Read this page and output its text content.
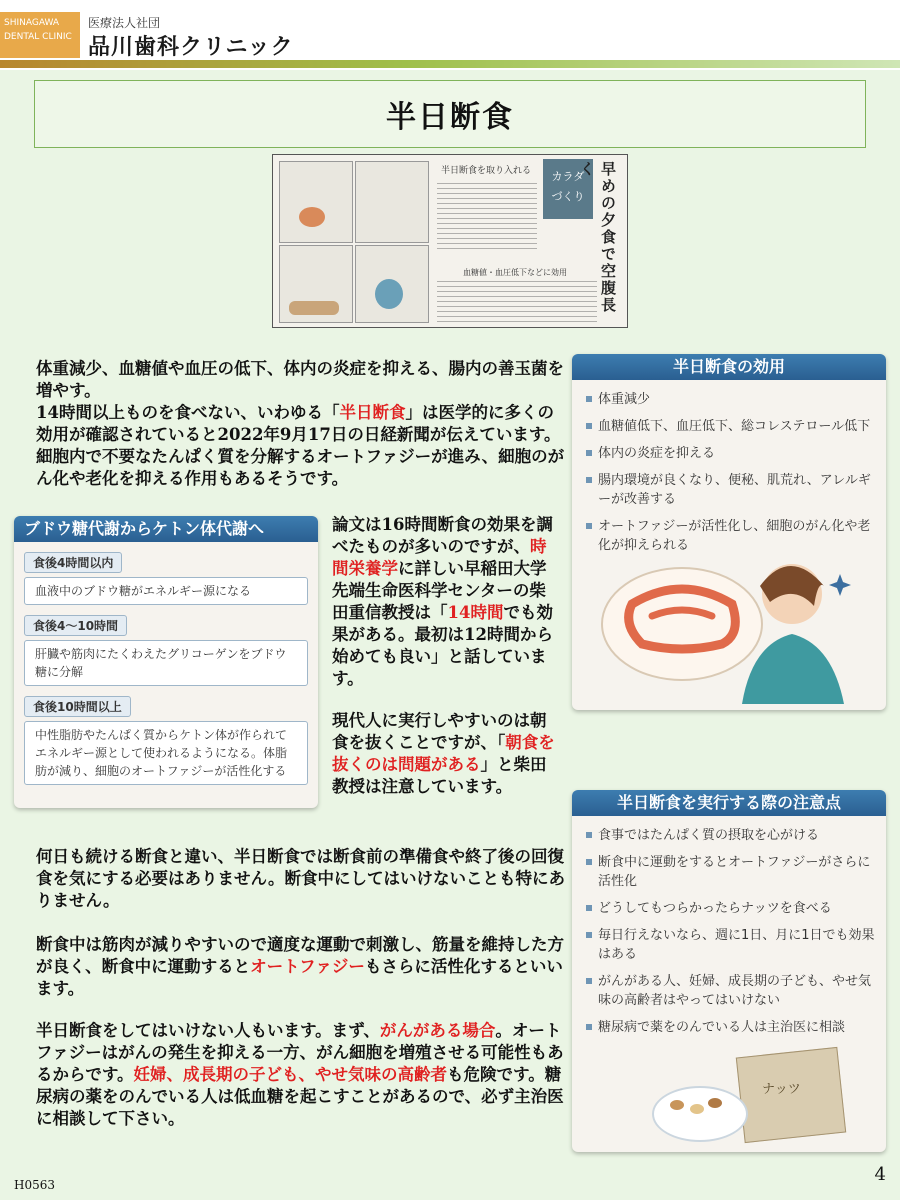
SHINAGAWA
DENTAL CLINIC
医療法人社団
品川歯科クリニック
半日断食
半日断食を取り入れる
血糖値・血圧低下などに効用
カラダ
づくり 早めの夕食で空腹長く
体重減少、血糖値や血圧の低下、体内の炎症を抑える、腸内の善玉菌を増やす。
14時間以上ものを食べない、いわゆる「半日断食」は医学的に多くの効用が確認されていると2022年9月17日の日経新聞が伝えています。細胞内で不要なたんぱく質を分解するオートファジーが進み、細胞のがん化や老化を抑える作用もあるそうです。
ブドウ糖代謝からケトン体代謝へ
食後4時間以内
血液中のブドウ糖がエネルギー源になる
食後4～10時間
肝臓や筋肉にたくわえたグリコーゲンをブドウ糖に分解
食後10時間以上
中性脂肪やたんぱく質からケトン体が作られてエネルギー源として使われるようになる。体脂肪が減り、細胞のオートファジーが活性化する
論文は16時間断食の効果を調べたものが多いのですが、時間栄養学に詳しい早稲田大学先端生命医科学センターの柴田重信教授は「14時間でも効果がある。最初は12時間から始めても良い」と話しています。
現代人に実行しやすいのは朝食を抜くことですが、「朝食を抜くのは問題がある」と柴田教授は注意しています。
半日断食の効用
体重減少
血糖値低下、血圧低下、総コレステロール低下
体内の炎症を抑える
腸内環境が良くなり、便秘、肌荒れ、アレルギーが改善する
オートファジーが活性化し、細胞のがん化や老化が抑えられる
何日も続ける断食と違い、半日断食では断食前の準備食や終了後の回復食を気にする必要はありません。断食中にしてはいけないことも特にありません。
断食中は筋肉が減りやすいので適度な運動で刺激し、筋量を維持した方が良く、断食中に運動するとオートファジーもさらに活性化するといいます。
半日断食をしてはいけない人もいます。まず、がんがある場合。オートファジーはがんの発生を抑える一方、がん細胞を増殖させる可能性もあるからです。妊婦、成長期の子ども、やせ気味の高齢者も危険です。糖尿病の薬をのんでいる人は低血糖を起こすことがあるので、必ず主治医に相談して下さい。
半日断食を実行する際の注意点
食事ではたんぱく質の摂取を心がける
断食中に運動をするとオートファジーがさらに活性化
どうしてもつらかったらナッツを食べる
毎日行えないなら、週に1日、月に1日でも効果はある
がんがある人、妊婦、成長期の子ども、やせ気味の高齢者はやってはいけない
糖尿病で薬をのんでいる人は主治医に相談
ナッツ
H0563	4
